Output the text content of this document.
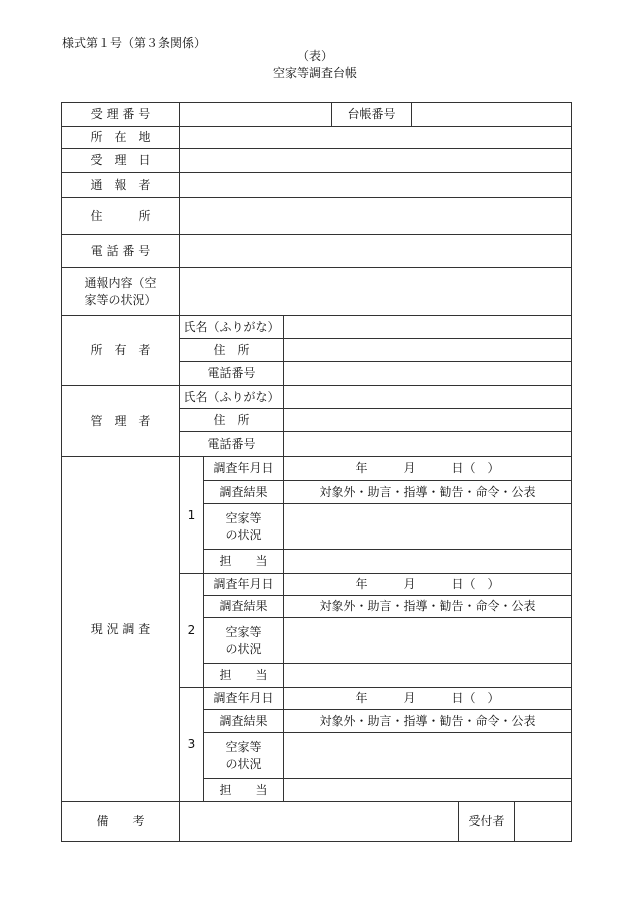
様式第１号（第３条関係）
（表）
空家等調査台帳
受 理 番 号				台帳番号			
所　在　地							
受　理　日							
通　報　者							
住　　　所							
電 話 番 号							

通報内容（空
家等の状況）							

所　有　者	氏名（ふりがな）						
	住　所						
	電話番号						
管　理　者	氏名（ふりがな）						
	住　所						
	電話番号						
現 況 調 査	1	調査年月日	年　　　月　　　日（　）				
		調査結果	対象外・助言・指導・勧告・命令・公表				

		空家等
の状況					

		担　　当					
	2	調査年月日	年　　　月　　　日（　）				
		調査結果	対象外・助言・指導・勧告・命令・公表				

		空家等
の状況					

		担　　当					
	3	調査年月日	年　　　月　　　日（　）				
		調査結果	対象外・助言・指導・勧告・命令・公表				

		空家等
の状況					

		担　　当					
備　　考						受付者	
